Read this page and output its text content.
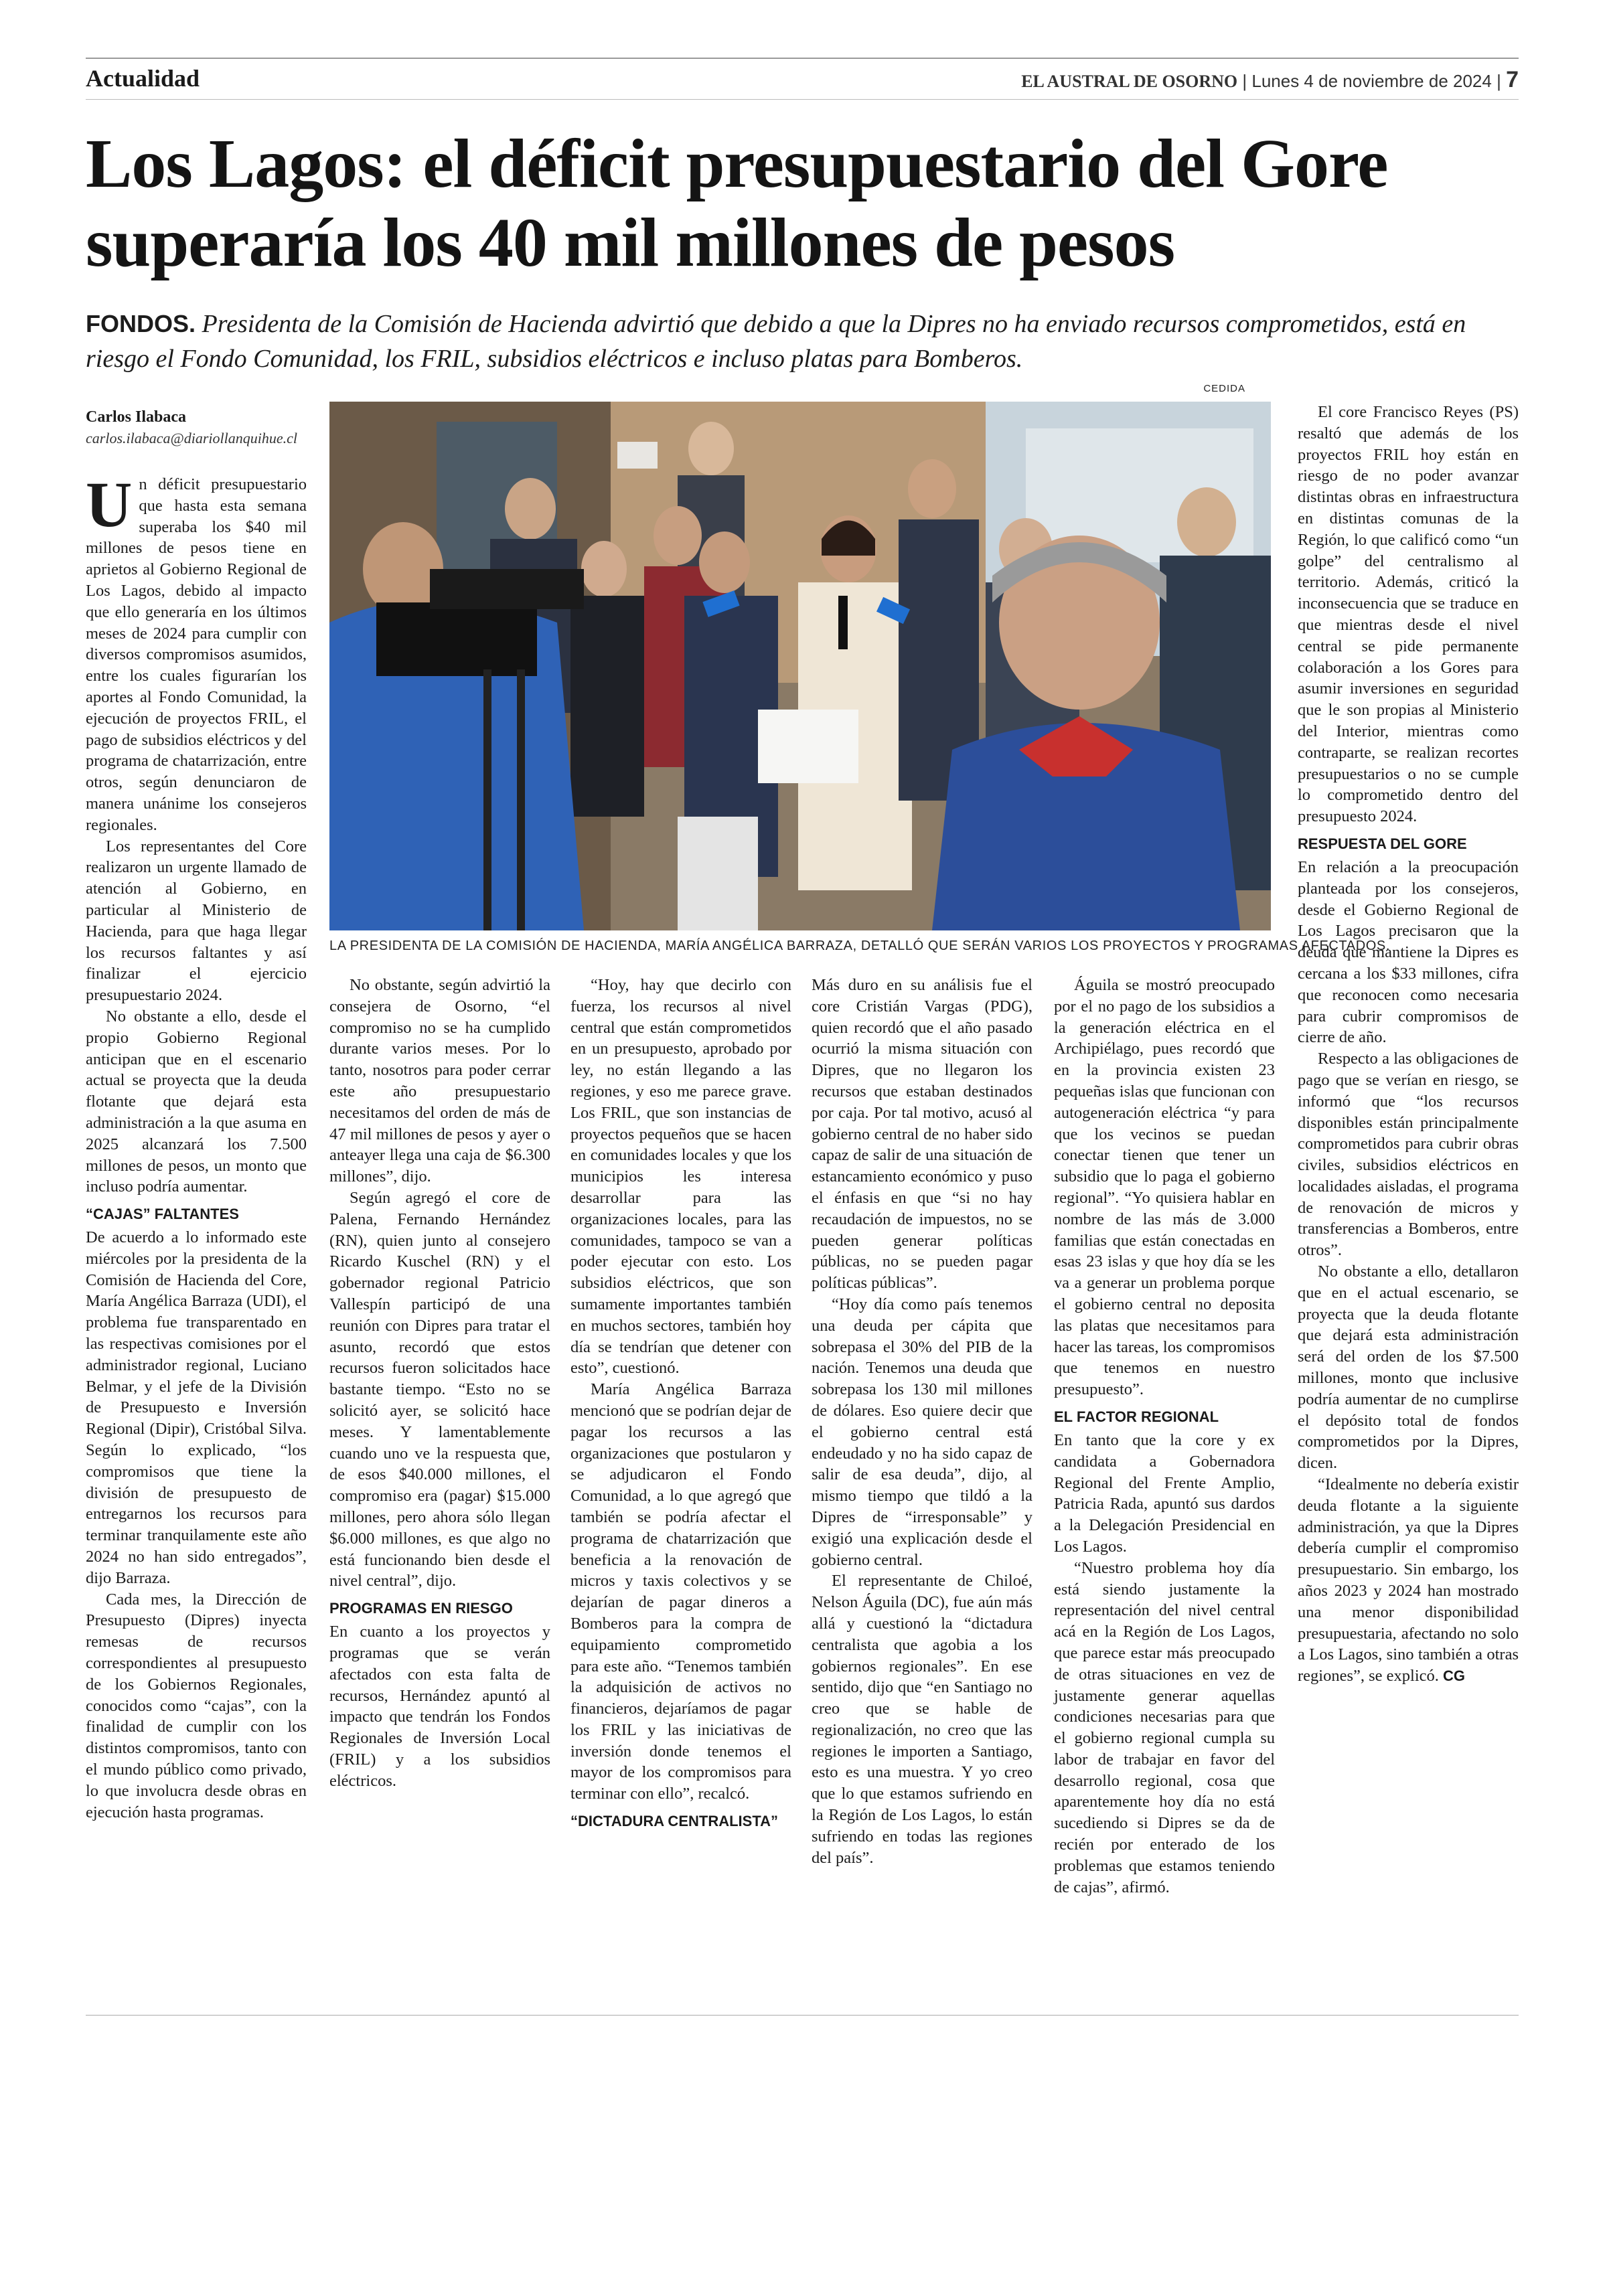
Actualidad	EL AUSTRAL DE OSORNO | Lunes 4 de noviembre de 2024 | 7
Los Lagos: el déficit presupuestario del Gore
superaría los 40 mil millones de pesos
FONDOS. Presidenta de la Comisión de Hacienda advirtió que debido a que la Dipres no ha enviado recursos comprometidos, está en riesgo el Fondo Comunidad, los FRIL, subsidios eléctricos e incluso platas para Bomberos.
CEDIDA
Carlos Ilabaca
carlos.ilabaca@diariollanquihue.cl
LA PRESIDENTA DE LA COMISIÓN DE HACIENDA, MARÍA ANGÉLICA BARRAZA, DETALLÓ QUE SERÁN VARIOS LOS PROYECTOS Y PROGRAMAS AFECTADOS.

Un déficit presupuestario que hasta esta semana superaba los $40 mil millones de pesos tiene en aprietos al Gobierno Regional de Los Lagos, debido al impacto que ello generaría en los últimos meses de 2024 para cumplir con diversos compromisos asumidos, entre los cuales figurarían los aportes al Fondo Comunidad, la ejecución de proyectos FRIL, el pago de subsidios eléctricos y del programa de chatarrización, entre otros, según denunciaron de manera unánime los consejeros regionales.

Los representantes del Core realizaron un urgente llamado de atención al Gobierno, en particular al Ministerio de Hacienda, para que haga llegar los recursos faltantes y así finalizar el ejercicio presupuestario 2024.

No obstante a ello, desde el propio Gobierno Regional anticipan que en el escenario actual se proyecta que la deuda flotante que dejará esta administración a la que asuma en 2025 alcanzará los 7.500 millones de pesos, un monto que incluso podría aumentar.

“CAJAS” FALTANTES

De acuerdo a lo informado este miércoles por la presidenta de la Comisión de Hacienda del Core, María Angélica Barraza (UDI), el problema fue transparentado en las respectivas comisiones por el administrador regional, Luciano Belmar, y el jefe de la División de Presupuesto e Inversión Regional (Dipir), Cristóbal Silva. Según lo explicado, “los compromisos que tiene la división de presupuesto de entregarnos los recursos para terminar tranquilamente este año 2024 no han sido entregados”, dijo Barraza.

Cada mes, la Dirección de Presupuesto (Dipres) inyecta remesas de recursos correspondientes al presupuesto de los Gobiernos Regionales, conocidos como “cajas”, con la finalidad de cumplir con los distintos compromisos, tanto con el mundo público como privado, lo que involucra desde obras en ejecución hasta programas.

No obstante, según advirtió la consejera de Osorno, “el compromiso no se ha cumplido durante varios meses. Por lo tanto, nosotros para poder cerrar este año presupuestario necesitamos del orden de más de 47 mil millones de pesos y ayer o anteayer llega una caja de $6.300 millones”, dijo.

Según agregó el core de Palena, Fernando Hernández (RN), quien junto al consejero Ricardo Kuschel (RN) y el gobernador regional Patricio Vallespín participó de una reunión con Dipres para tratar el asunto, recordó que estos recursos fueron solicitados hace bastante tiempo. “Esto no se solicitó ayer, se solicitó hace meses. Y lamentablemente cuando uno ve la respuesta que, de esos $40.000 millones, el compromiso era (pagar) $15.000 millones, pero ahora sólo llegan $6.000 millones, es que algo no está funcionando bien desde el nivel central”, dijo.

PROGRAMAS EN RIESGO

En cuanto a los proyectos y programas que se verán afectados con esta falta de recursos, Hernández apuntó al impacto que tendrán los Fondos Regionales de Inversión Local (FRIL) y a los subsidios eléctricos.

“Hoy, hay que decirlo con fuerza, los recursos al nivel central que están comprometidos en un presupuesto, aprobado por ley, no están llegando a las regiones, y eso me parece grave. Los FRIL, que son instancias de proyectos pequeños que se hacen en comunidades locales y que los municipios les interesa desarrollar para las organizaciones locales, para las comunidades, tampoco se van a poder ejecutar con esto. Los subsidios eléctricos, que son sumamente importantes también en muchos sectores, también hoy día se tendrían que detener con esto”, cuestionó.

María Angélica Barraza mencionó que se podrían dejar de pagar los recursos a las organizaciones que postularon y se adjudicaron el Fondo Comunidad, a lo que agregó que también se podría afectar el programa de chatarrización que beneficia a la renovación de micros y taxis colectivos y se dejarían de pagar dineros a Bomberos para la compra de equipamiento comprometido para este año. “Tenemos también la adquisición de activos no financieros, dejaríamos de pagar los FRIL y las iniciativas de inversión donde tenemos el mayor de los compromisos para terminar con ello”, recalcó.

“DICTADURA CENTRALISTA”

Más duro en su análisis fue el core Cristián Vargas (PDG), quien recordó que el año pasado ocurrió la misma situación con Dipres, que no llegaron los recursos que estaban destinados por caja. Por tal motivo, acusó al gobierno central de no haber sido capaz de salir de una situación de estancamiento económico y puso el énfasis en que “si no hay recaudación de impuestos, no se pueden generar políticas públicas, no se pueden pagar políticas públicas”.

“Hoy día como país tenemos una deuda per cápita que sobrepasa el 30% del PIB de la nación. Tenemos una deuda que sobrepasa los 130 mil millones de dólares. Eso quiere decir que el gobierno central está endeudado y no ha sido capaz de salir de esa deuda”, dijo, al mismo tiempo que tildó a la Dipres de “irresponsable” y exigió una explicación desde el gobierno central.

El representante de Chiloé, Nelson Águila (DC), fue aún más allá y cuestionó la “dictadura centralista que agobia a los gobiernos regionales”. En ese sentido, dijo que “en Santiago no creo que se hable de regionalización, no creo que las regiones le importen a Santiago, esto es una muestra. Y yo creo que lo que estamos sufriendo en la Región de Los Lagos, lo están sufriendo en todas las regiones del país”.

Águila se mostró preocupado por el no pago de los subsidios a la generación eléctrica en el Archipiélago, pues recordó que en la provincia existen 23 pequeñas islas que funcionan con autogeneración eléctrica “y para que los vecinos se puedan conectar tienen que tener un subsidio que lo paga el gobierno regional”. “Yo quisiera hablar en nombre de las más de 3.000 familias que están conectadas en esas 23 islas y que hoy día se les va a generar un problema porque el gobierno central no deposita las platas que necesitamos para hacer las tareas, los compromisos que tenemos en nuestro presupuesto”.

EL FACTOR REGIONAL

En tanto que la core y ex candidata a Gobernadora Regional del Frente Amplio, Patricia Rada, apuntó sus dardos a la Delegación Presidencial en Los Lagos.

“Nuestro problema hoy día está siendo justamente la representación del nivel central acá en la Región de Los Lagos, que parece estar más preocupado de otras situaciones en vez de justamente generar aquellas condiciones necesarias para que el gobierno regional cumpla su labor de trabajar en favor del desarrollo regional, cosa que aparentemente hoy día no está sucediendo si Dipres se da de recién por enterado de los problemas que estamos teniendo de cajas”, afirmó.

El core Francisco Reyes (PS) resaltó que además de los proyectos FRIL hoy están en riesgo de no poder avanzar distintas obras en infraestructura en distintas comunas de la Región, lo que calificó como “un golpe” del centralismo al territorio. Además, criticó la inconsecuencia que se traduce en que mientras desde el nivel central se pide permanente colaboración a los Gores para asumir inversiones en seguridad que le son propias al Ministerio del Interior, mientras como contraparte, se realizan recortes presupuestarios o no se cumple lo comprometido dentro del presupuesto 2024.

RESPUESTA DEL GORE

En relación a la preocupación planteada por los consejeros, desde el Gobierno Regional de Los Lagos precisaron que la deuda que mantiene la Dipres es cercana a los $33 millones, cifra que reconocen como necesaria para cubrir compromisos de cierre de año.

Respecto a las obligaciones de pago que se verían en riesgo, se informó que “los recursos disponibles están principalmente comprometidos para cubrir obras civiles, subsidios eléctricos en localidades aisladas, el programa de renovación de micros y transferencias a Bomberos, entre otros”.

No obstante a ello, detallaron que en el actual escenario, se proyecta que la deuda flotante que dejará esta administración será del orden de los $7.500 millones, monto que inclusive podría aumentar de no cumplirse el depósito total de fondos comprometidos por la Dipres, dicen.

“Idealmente no debería existir deuda flotante a la siguiente administración, ya que la Dipres debería cumplir el compromiso presupuestario. Sin embargo, los años 2023 y 2024 han mostrado una menor disponibilidad presupuestaria, afectando no solo a Los Lagos, sino también a otras regiones”, se explicó. CG
